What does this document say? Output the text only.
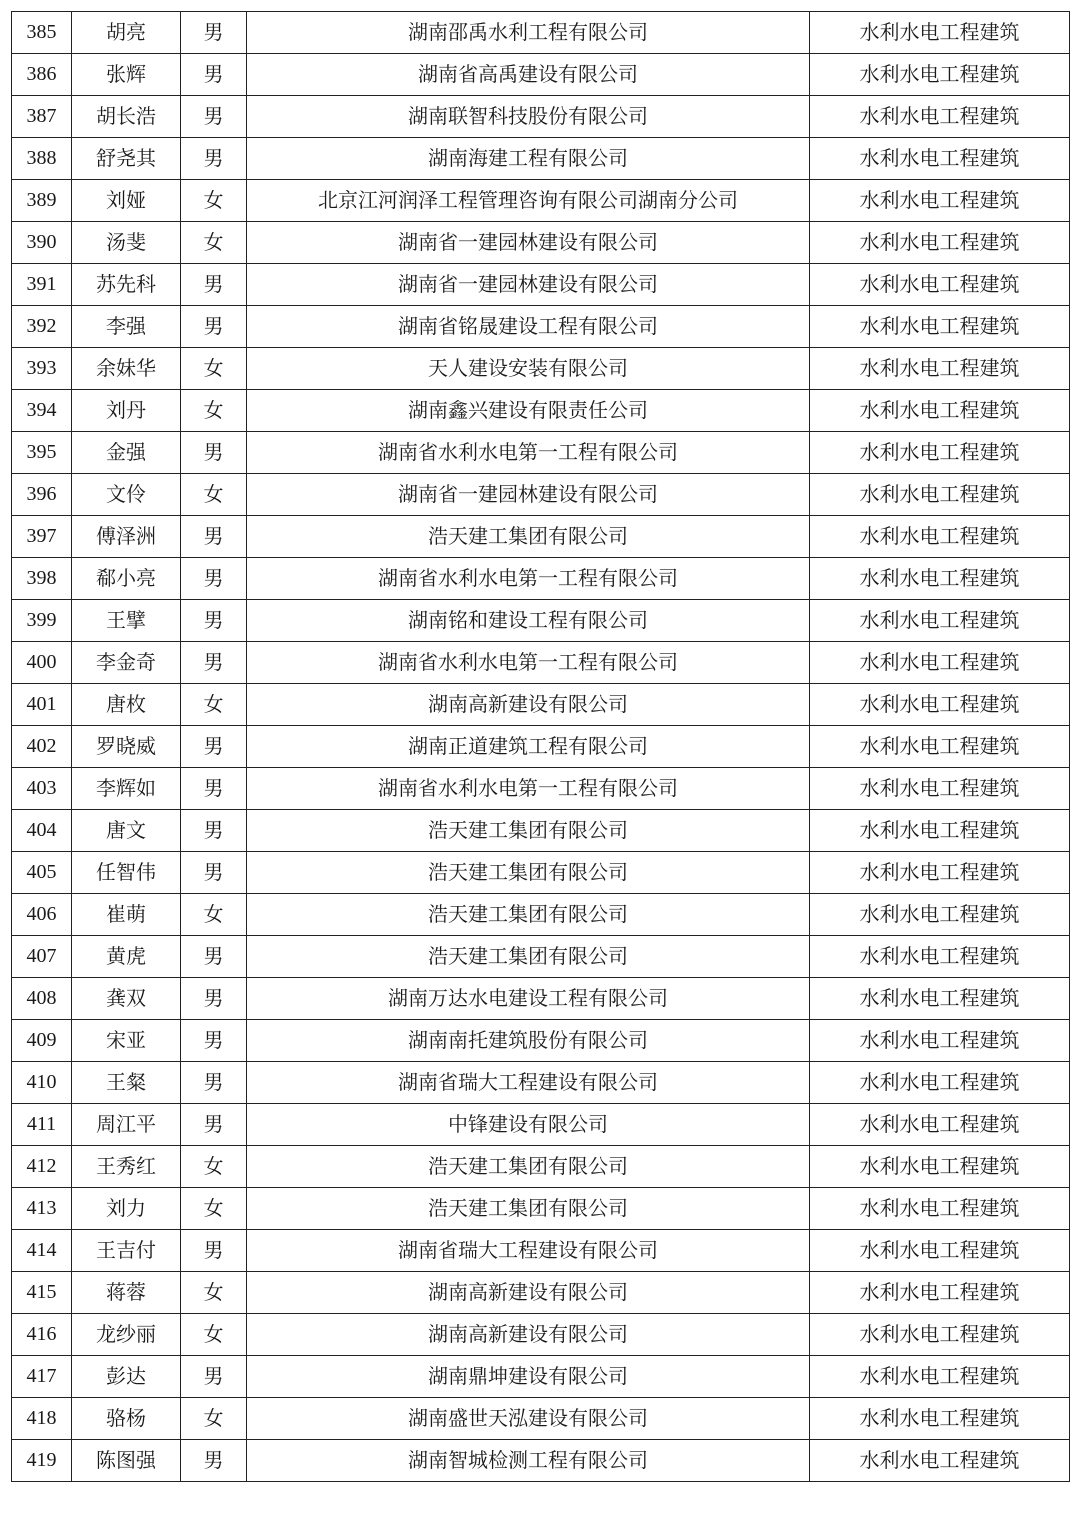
385	胡亮	男	湖南邵禹水利工程有限公司	水利水电工程建筑
386	张辉	男	湖南省高禹建设有限公司	水利水电工程建筑
387	胡长浩	男	湖南联智科技股份有限公司	水利水电工程建筑
388	舒尧其	男	湖南海建工程有限公司	水利水电工程建筑
389	刘娅	女	北京江河润泽工程管理咨询有限公司湖南分公司	水利水电工程建筑
390	汤斐	女	湖南省一建园林建设有限公司	水利水电工程建筑
391	苏先科	男	湖南省一建园林建设有限公司	水利水电工程建筑
392	李强	男	湖南省铭晟建设工程有限公司	水利水电工程建筑
393	余妹华	女	天人建设安装有限公司	水利水电工程建筑
394	刘丹	女	湖南鑫兴建设有限责任公司	水利水电工程建筑
395	金强	男	湖南省水利水电第一工程有限公司	水利水电工程建筑
396	文伶	女	湖南省一建园林建设有限公司	水利水电工程建筑
397	傅泽洲	男	浩天建工集团有限公司	水利水电工程建筑
398	郗小亮	男	湖南省水利水电第一工程有限公司	水利水电工程建筑
399	王擘	男	湖南铭和建设工程有限公司	水利水电工程建筑
400	李金奇	男	湖南省水利水电第一工程有限公司	水利水电工程建筑
401	唐枚	女	湖南高新建设有限公司	水利水电工程建筑
402	罗晓威	男	湖南正道建筑工程有限公司	水利水电工程建筑
403	李辉如	男	湖南省水利水电第一工程有限公司	水利水电工程建筑
404	唐文	男	浩天建工集团有限公司	水利水电工程建筑
405	任智伟	男	浩天建工集团有限公司	水利水电工程建筑
406	崔萌	女	浩天建工集团有限公司	水利水电工程建筑
407	黄虎	男	浩天建工集团有限公司	水利水电工程建筑
408	龚双	男	湖南万达水电建设工程有限公司	水利水电工程建筑
409	宋亚	男	湖南南托建筑股份有限公司	水利水电工程建筑
410	王粲	男	湖南省瑞大工程建设有限公司	水利水电工程建筑
411	周江平	男	中锋建设有限公司	水利水电工程建筑
412	王秀红	女	浩天建工集团有限公司	水利水电工程建筑
413	刘力	女	浩天建工集团有限公司	水利水电工程建筑
414	王吉付	男	湖南省瑞大工程建设有限公司	水利水电工程建筑
415	蒋蓉	女	湖南高新建设有限公司	水利水电工程建筑
416	龙纱丽	女	湖南高新建设有限公司	水利水电工程建筑
417	彭达	男	湖南鼎坤建设有限公司	水利水电工程建筑
418	骆杨	女	湖南盛世天泓建设有限公司	水利水电工程建筑
419	陈图强	男	湖南智城检测工程有限公司	水利水电工程建筑
